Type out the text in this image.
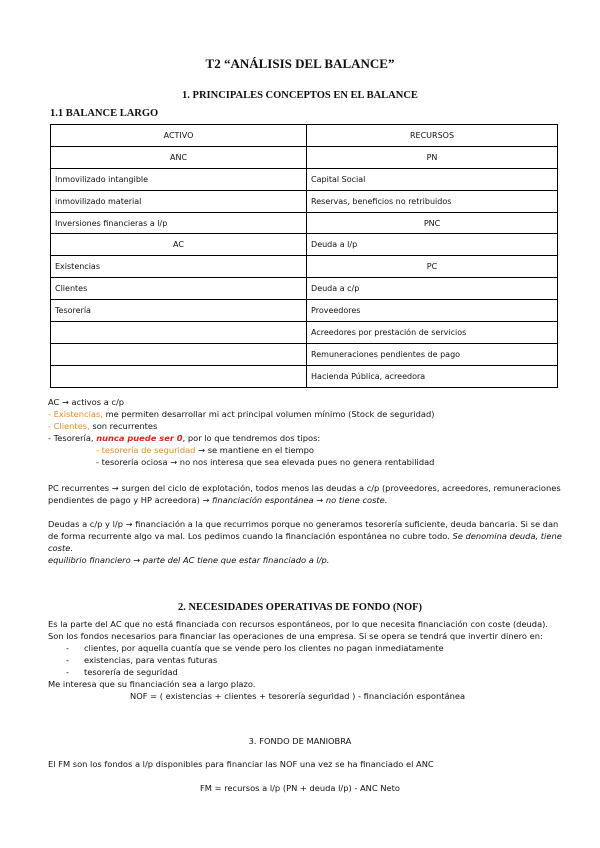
T2 “ANÁLISIS DEL BALANCE”

1. PRINCIPALES CONCEPTOS EN EL BALANCE

1.1 BALANCE LARGO

ACTIVO	RECURSOS
ANC	PN
Inmovilizado intangible	Capital Social
inmovilizado material	Reservas, beneficios no retribuidos
Inversiones financieras a l/p	PNC
AC	Deuda a l/p
Existencias	PC
Clientes	Deuda a c/p
Tesorería	Proveedores
	Acreedores por prestación de servicios
	Remuneraciones pendientes de pago
	Hacienda Pública, acreedora
AC → activos a c/p
- Existencias, me permiten desarrollar mi act principal volumen mínimo (Stock de seguridad)
- Clientes, son recurrentes
- Tesorería, nunca puede ser 0, por lo que tendremos dos tipos:
- tesorería de seguridad → se mantiene en el tiempo
- tesorería ociosa → no nos interesa que sea elevada pues no genera rentabilidad
PC recurrentes → surgen del ciclo de explotación, todos menos las deudas a c/p (proveedores, acreedores, remuneraciones
pendientes de pago y HP acreedora) → financiación espontánea → no tiene coste.
Deudas a c/p y l/p → financiación a la que recurrimos porque no generamos tesorería suficiente, deuda bancaria. Si se dan
de forma recurrente algo va mal. Los pedimos cuando la financiación espontánea no cubre todo. Se denomina deuda, tiene
coste.
equilibrio financiero → parte del AC tiene que estar financiado a l/p.

2. NECESIDADES OPERATIVAS DE FONDO (NOF)

Es la parte del AC que no está financiada con recursos espontáneos, por lo que necesita financiación con coste (deuda).
Son los fondos necesarios para financiar las operaciones de una empresa. Si se opera se tendrá que invertir dinero en:
- clientes, por aquella cuantía que se vende pero los clientes no pagan inmediatamente
- existencias, para ventas futuras
- tesorería de seguridad
Me interesa que su financiación sea a largo plazo.
NOF = ( existencias + clientes + tesorería seguridad ) - financiación espontánea

3. FONDO DE MANIOBRA

El FM son los fondos a l/p disponibles para financiar las NOF una vez se ha financiado el ANC
FM = recursos a l/p (PN + deuda l/p) - ANC Neto
